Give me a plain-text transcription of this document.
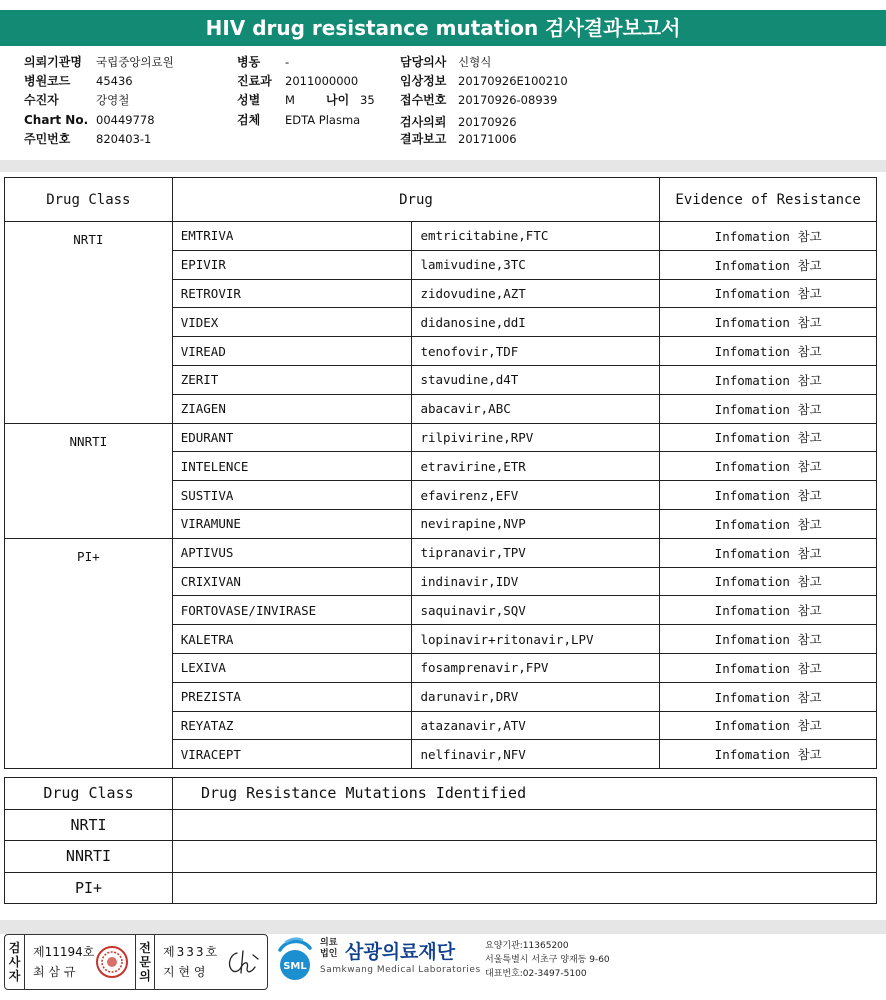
HIV drug resistance mutation 검사결과보고서
의뢰기관명 국립중앙의료원
병원코드 45436
수진자	강영철
Chart No. 00449778
주민번호 820403-1
병동 -
진료과 2011000000
성별 M
검체 EDTA Plasma
담당의사 신형식
임상정보 20170926E100210
접수번호 20170926-08939
검사의뢰 20170926
결과보고 20171006
나이 35
Drug Class	Drug		Evidence of Resistance
NRTI	EMTRIVA	emtricitabine,FTC	Infomation 참고
	EPIVIR	lamivudine,3TC	Infomation 참고
	RETROVIR	zidovudine,AZT	Infomation 참고
	VIDEX	didanosine,ddI	Infomation 참고
	VIREAD	tenofovir,TDF	Infomation 참고
	ZERIT	stavudine,d4T	Infomation 참고
	ZIAGEN	abacavir,ABC	Infomation 참고
NNRTI	EDURANT	rilpivirine,RPV	Infomation 참고
	INTELENCE	etravirine,ETR	Infomation 참고
	SUSTIVA	efavirenz,EFV	Infomation 참고
	VIRAMUNE	nevirapine,NVP	Infomation 참고
PI+	APTIVUS	tipranavir,TPV	Infomation 참고
	CRIXIVAN	indinavir,IDV	Infomation 참고
	FORTOVASE/INVIRASE	saquinavir,SQV	Infomation 참고
	KALETRA	lopinavir+ritonavir,LPV	Infomation 참고
	LEXIVA	fosamprenavir,FPV	Infomation 참고
	PREZISTA	darunavir,DRV	Infomation 참고
	REYATAZ	atazanavir,ATV	Infomation 참고
	VIRACEPT	nelfinavir,NFV	Infomation 참고
Drug Class	Drug Resistance Mutations Identified
NRTI	
NNRTI	
PI+	
검사자
제11194호
최 삼 규
전문의
제333호
지 현 영	SML
의료
법인 삼광의료재단
Samkwang Medical Laboratories
요양기관:11365200
서울특별시 서초구 양재동 9-60
대표번호:02-3497-5100
